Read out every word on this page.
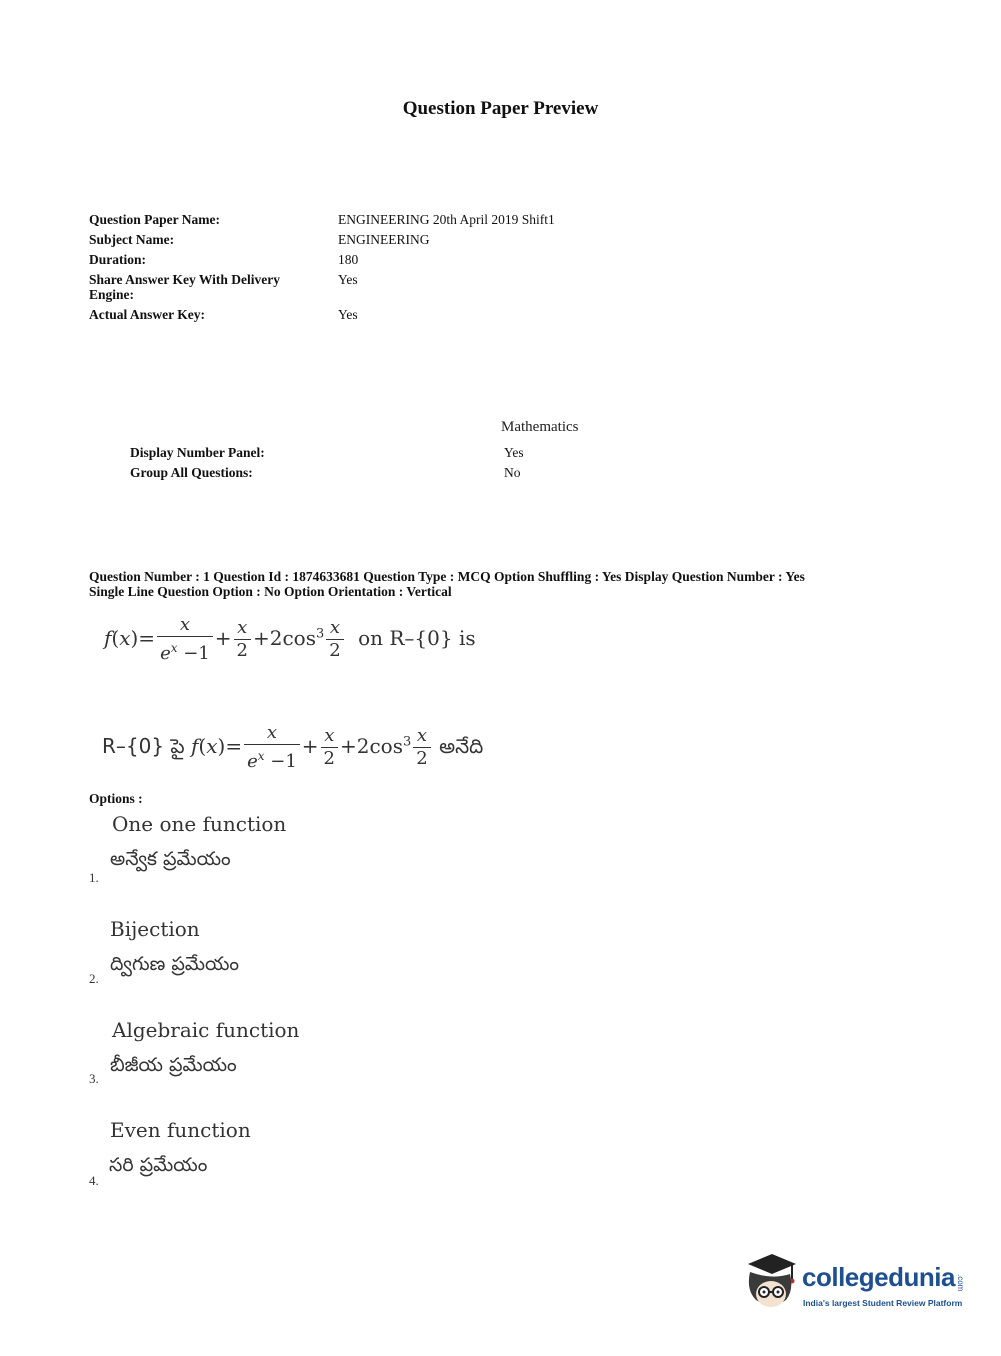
Question Paper Preview
Question Paper Name:	ENGINEERING 20th April 2019 Shift1
Subject Name:	ENGINEERING
Duration:	180
Share Answer Key With Delivery Engine:
Yes
Actual Answer Key:	Yes
Mathematics
Display Number Panel:	Yes
Group All Questions:	No
Question Number : 1 Question Id : 1874633681 Question Type : MCQ Option Shuffling : Yes Display Question Number : Yes
Single Line Question Option : No Option Orientation : Vertical
$f(x)= \frac{x}{e^x -1} + \frac{x}{2} +2\cos^3 \frac{x}{2}$ on R–{0} is
R–{0} పై $f(x)= \frac{x}{e^x -1} + \frac{x}{2} +2\cos^3 \frac{x}{2}$ అనేది
Options :
One one function
అన్వేక ప్రమేయం
1.
Bijection
ద్విగుణ ప్రమేయం
2.
Algebraic function
బీజీయ ప్రమేయం
3.
Even function
సరి ప్రమేయం
4.
collegedunia .com
India's largest Student Review Platform
